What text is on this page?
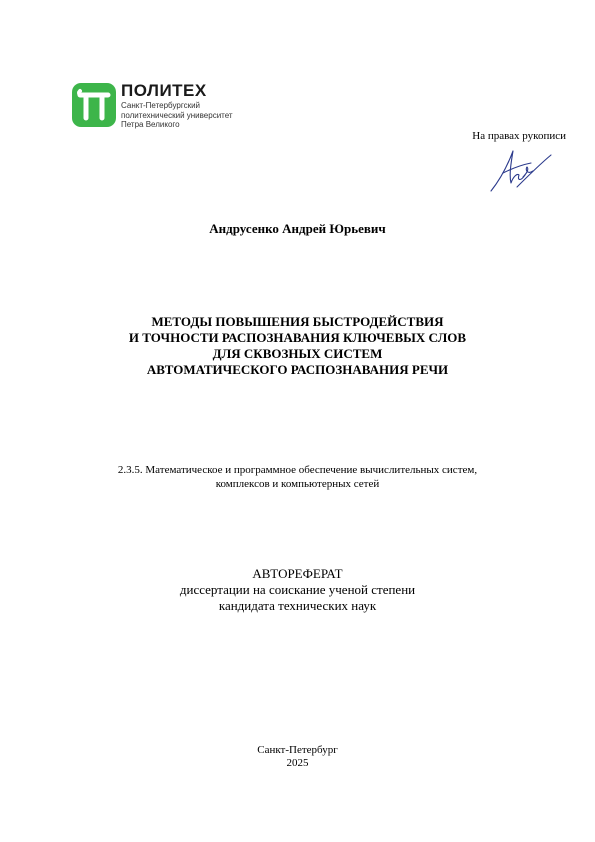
ПОЛИТЕХ
Санкт-Петербургский
политехнический университет
Петра Великого
На правах рукописи
Андрусенко Андрей Юрьевич
МЕТОДЫ ПОВЫШЕНИЯ БЫСТРОДЕЙСТВИЯ
И ТОЧНОСТИ РАСПОЗНАВАНИЯ КЛЮЧЕВЫХ СЛОВ
ДЛЯ СКВОЗНЫХ СИСТЕМ
АВТОМАТИЧЕСКОГО РАСПОЗНАВАНИЯ РЕЧИ
2.3.5. Математическое и программное обеспечение вычислительных систем,
комплексов и компьютерных сетей
АВТОРЕФЕРАТ
диссертации на соискание ученой степени
кандидата технических наук
Санкт-Петербург
2025
